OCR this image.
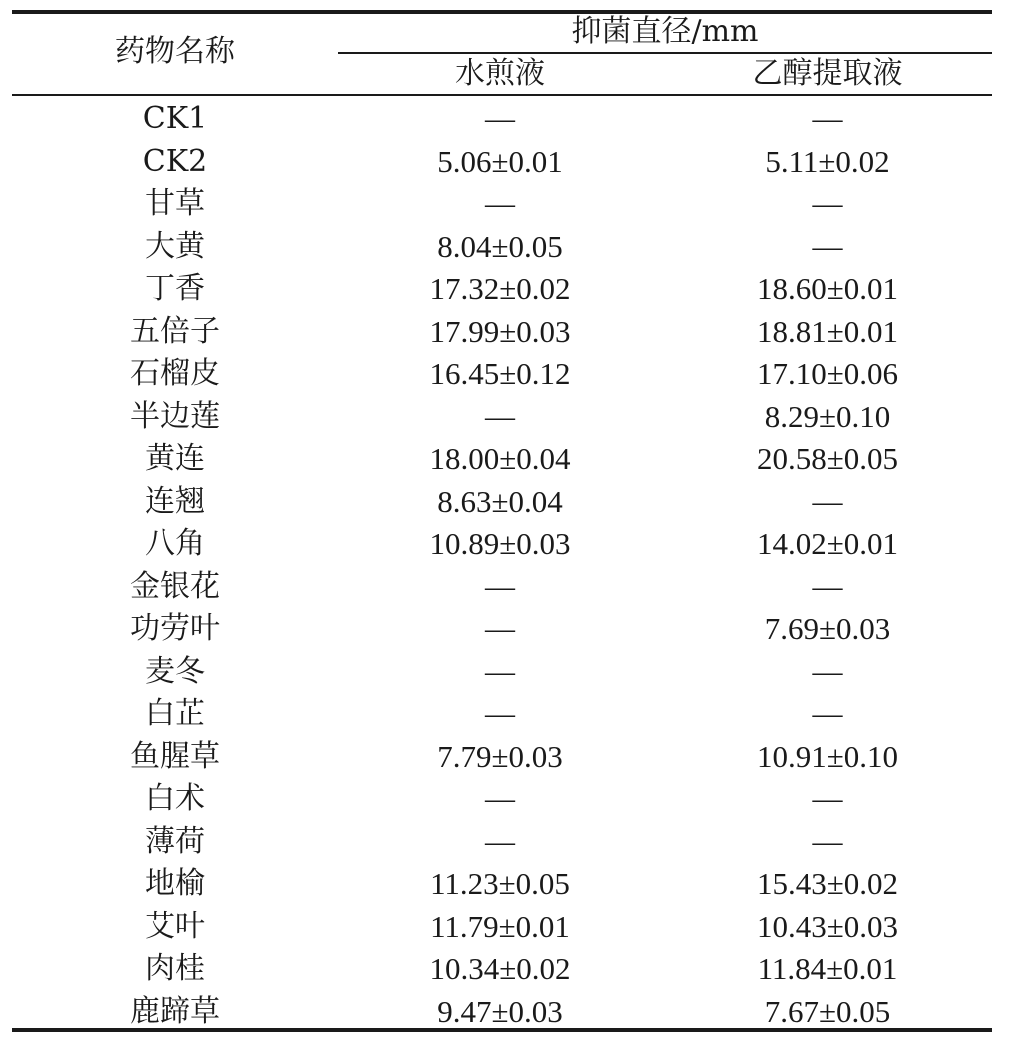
药物名称
抑菌直径/mm
水煎液	乙醇提取液
CK1	—	—
CK2	5.06±0.01	5.11±0.02
甘草	—	—
大黄	8.04±0.05	—
丁香	17.32±0.02	18.60±0.01
五倍子	17.99±0.03	18.81±0.01
石榴皮	16.45±0.12	17.10±0.06
半边莲	—	8.29±0.10
黄连	18.00±0.04	20.58±0.05
连翘	8.63±0.04	—
八角	10.89±0.03	14.02±0.01
金银花	—	—
功劳叶	—	7.69±0.03
麦冬	—	—
白芷	—	—
鱼腥草	7.79±0.03	10.91±0.10
白术	—	—
薄荷	—	—
地榆	11.23±0.05	15.43±0.02
艾叶	11.79±0.01	10.43±0.03
肉桂	10.34±0.02	11.84±0.01
鹿蹄草	9.47±0.03	7.67±0.05
